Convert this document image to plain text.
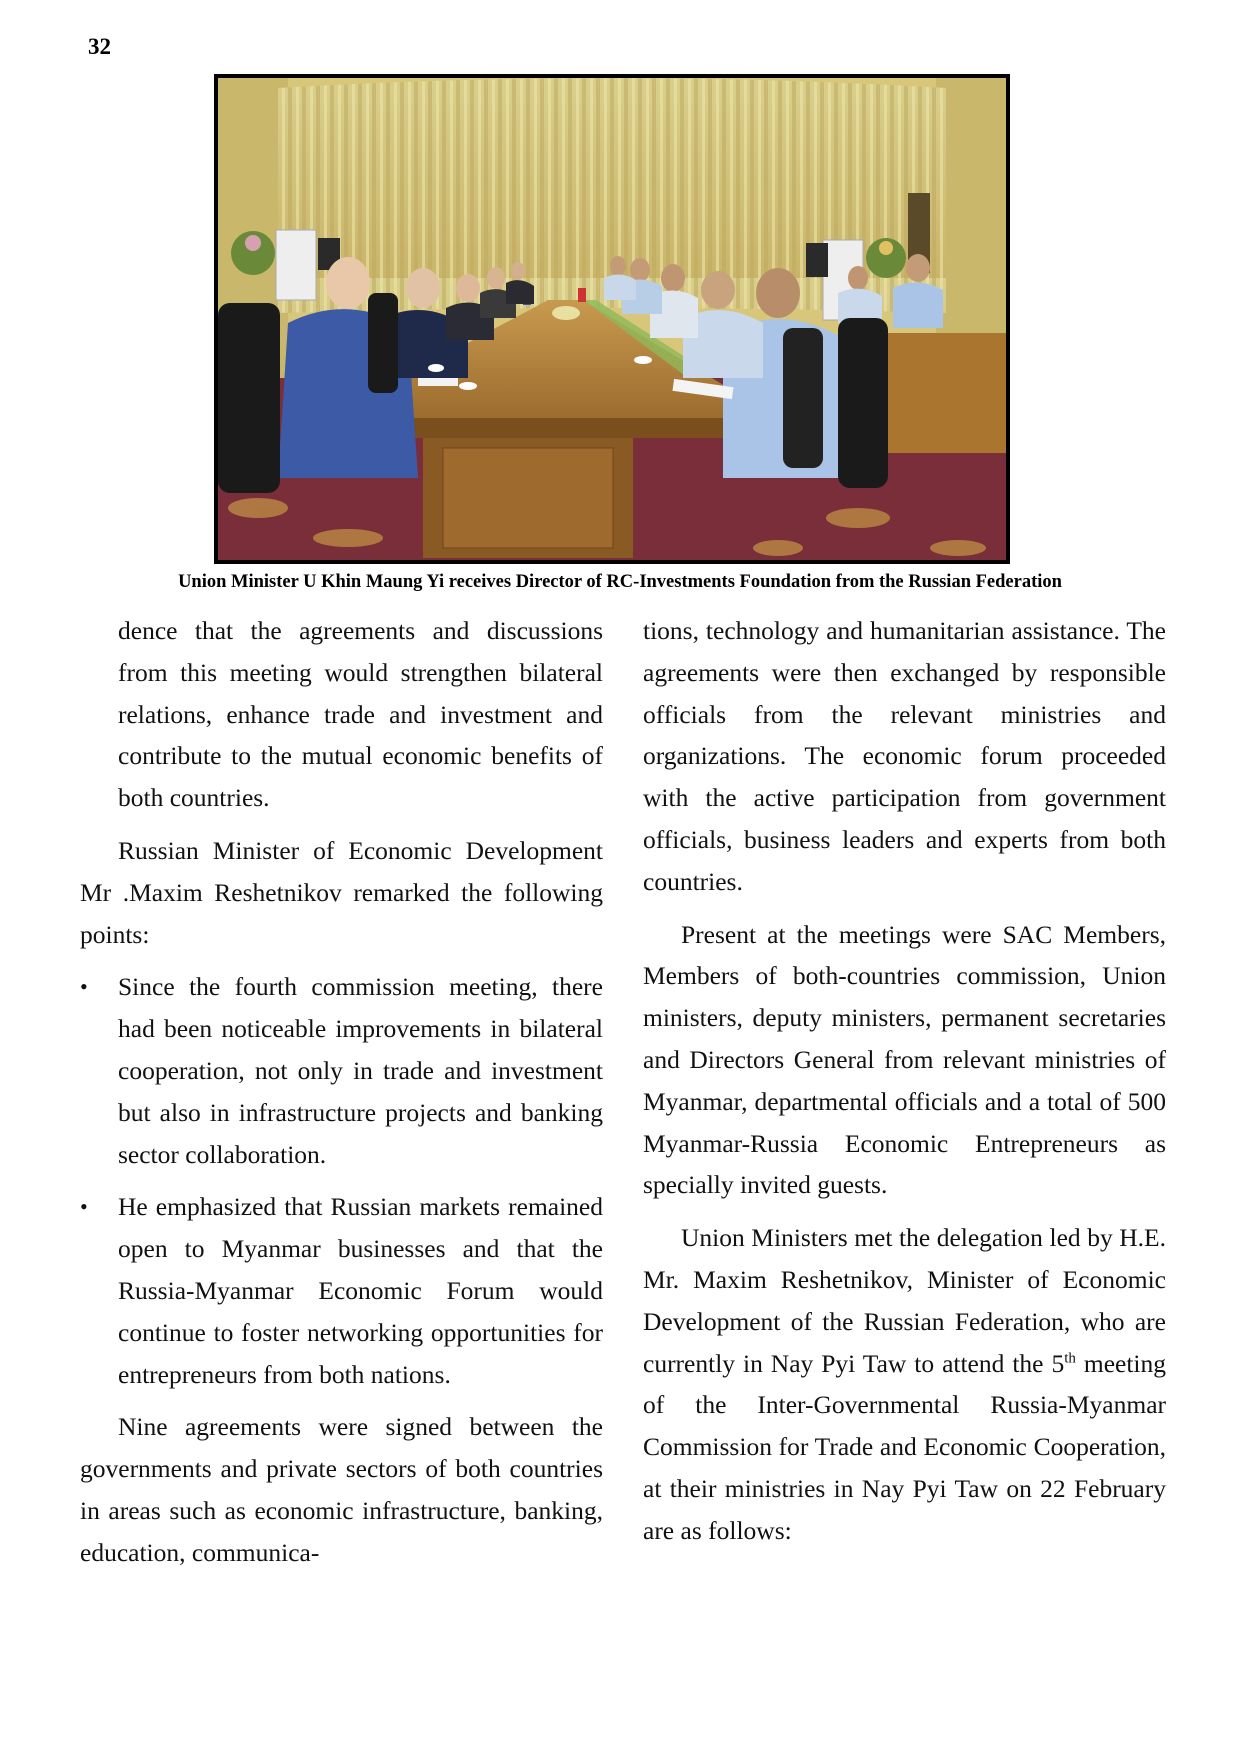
32
Union Minister U Khin Maung Yi receives Director of RC-Investments Foundation from the Russian Federation

dence that the agreements and discussions from this meeting would strengthen bilateral relations, enhance trade and investment and contribute to the mutual economic benefits of both countries.

Russian Minister of Economic Development Mr .Maxim Reshetnikov remarked the following points:

• Since the fourth commission meeting, there had been noticeable improvements in bilateral cooperation, not only in trade and investment but also in infrastructure projects and banking sector collaboration.
• He emphasized that Russian markets remained open to Myanmar businesses and that the Russia-Myanmar Economic Forum would continue to foster networking opportunities for entrepreneurs from both nations.

Nine agreements were signed between the governments and private sectors of both countries in areas such as economic infrastructure, banking, education, communica-

tions, technology and humanitarian assistance. The agreements were then exchanged by responsible officials from the relevant ministries and organizations. The economic forum proceeded with the active participation from government officials, business leaders and experts from both countries.

Present at the meetings were SAC Members, Members of both-countries commission, Union ministers, deputy ministers, permanent secretaries and Directors General from relevant ministries of Myanmar, departmental officials and a total of 500 Myanmar-Russia Economic Entrepreneurs as specially invited guests.

Union Ministers met the delegation led by H.E. Mr. Maxim Reshetnikov, Minister of Economic Development of the Russian Federation, who are currently in Nay Pyi Taw to attend the 5th meeting of the Inter-Governmental Russia-Myanmar Commission for Trade and Economic Cooperation, at their ministries in Nay Pyi Taw on 22 February are as follows:
